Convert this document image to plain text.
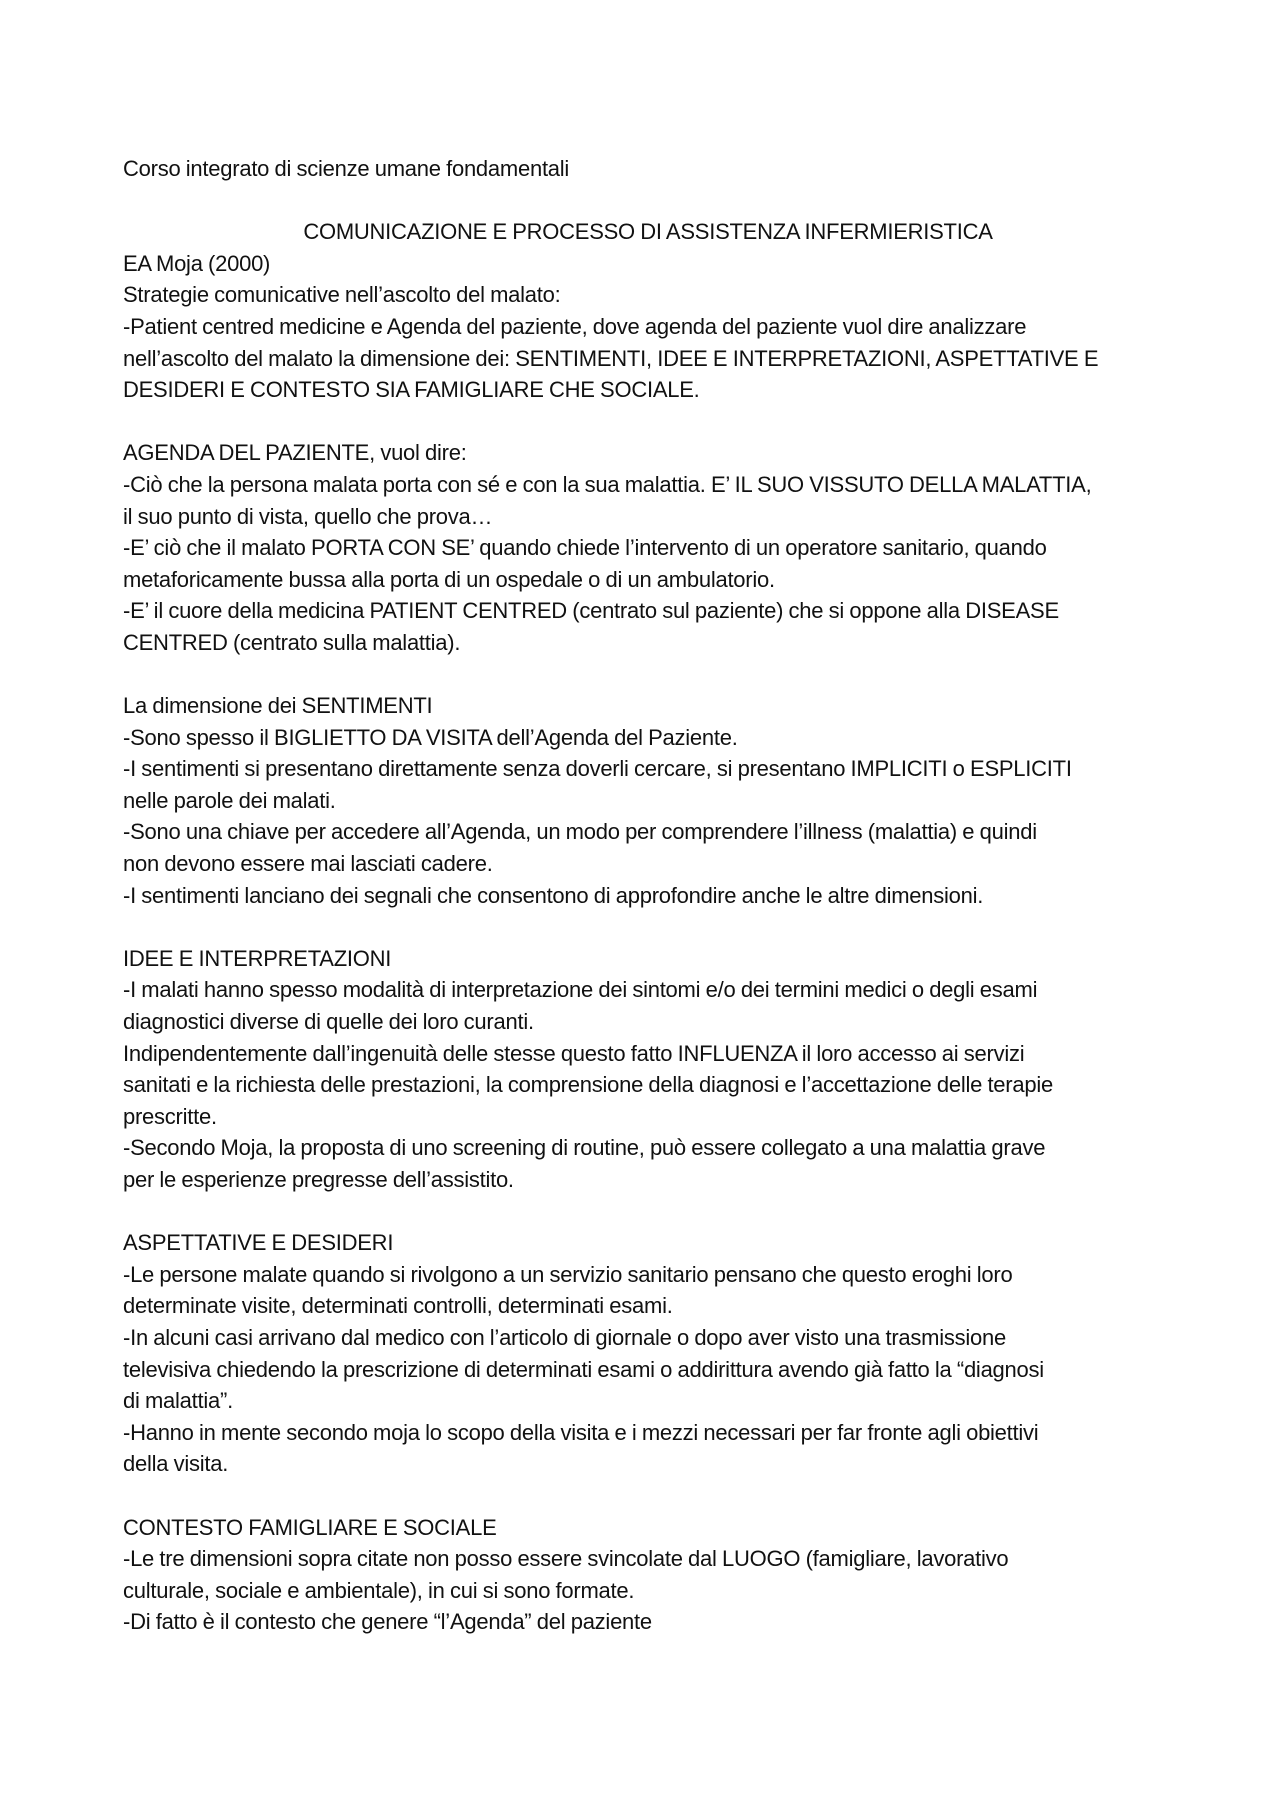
Corso integrato di scienze umane fondamentali

COMUNICAZIONE E PROCESSO DI ASSISTENZA INFERMIERISTICA

EA Moja (2000)

Strategie comunicative nell’ascolto del malato:

-Patient centred medicine e Agenda del paziente, dove agenda del paziente vuol dire analizzare
nell’ascolto del malato la dimensione dei: SENTIMENTI, IDEE E INTERPRETAZIONI, ASPETTATIVE E
DESIDERI E CONTESTO SIA FAMIGLIARE CHE SOCIALE.

AGENDA DEL PAZIENTE, vuol dire:

-Ciò che la persona malata porta con sé e con la sua malattia. E’ IL SUO VISSUTO DELLA MALATTIA,
il suo punto di vista, quello che prova…

-E’ ciò che il malato PORTA CON SE’ quando chiede l’intervento di un operatore sanitario, quando
metaforicamente bussa alla porta di un ospedale o di un ambulatorio.

-E’ il cuore della medicina PATIENT CENTRED (centrato sul paziente) che si oppone alla DISEASE
CENTRED (centrato sulla malattia).

La dimensione dei SENTIMENTI

-Sono spesso il BIGLIETTO DA VISITA dell’Agenda del Paziente.

-I sentimenti si presentano direttamente senza doverli cercare, si presentano IMPLICITI o ESPLICITI
nelle parole dei malati.

-Sono una chiave per accedere all’Agenda, un modo per comprendere l’illness (malattia) e quindi
non devono essere mai lasciati cadere.

-I sentimenti lanciano dei segnali che consentono di approfondire anche le altre dimensioni.

IDEE E INTERPRETAZIONI

-I malati hanno spesso modalità di interpretazione dei sintomi e/o dei termini medici o degli esami
diagnostici diverse di quelle dei loro curanti.

Indipendentemente dall’ingenuità delle stesse questo fatto INFLUENZA il loro accesso ai servizi
sanitati e la richiesta delle prestazioni, la comprensione della diagnosi e l’accettazione delle terapie
prescritte.

-Secondo Moja, la proposta di uno screening di routine, può essere collegato a una malattia grave
per le esperienze pregresse dell’assistito.

ASPETTATIVE E DESIDERI

-Le persone malate quando si rivolgono a un servizio sanitario pensano che questo eroghi loro
determinate visite, determinati controlli, determinati esami.

-In alcuni casi arrivano dal medico con l’articolo di giornale o dopo aver visto una trasmissione
televisiva chiedendo la prescrizione di determinati esami o addirittura avendo già fatto la “diagnosi
di malattia”.

-Hanno in mente secondo moja lo scopo della visita e i mezzi necessari per far fronte agli obiettivi
della visita.

CONTESTO FAMIGLIARE E SOCIALE

-Le tre dimensioni sopra citate non posso essere svincolate dal LUOGO (famigliare, lavorativo
culturale, sociale e ambientale), in cui si sono formate.

-Di fatto è il contesto che genere “l’Agenda” del paziente
